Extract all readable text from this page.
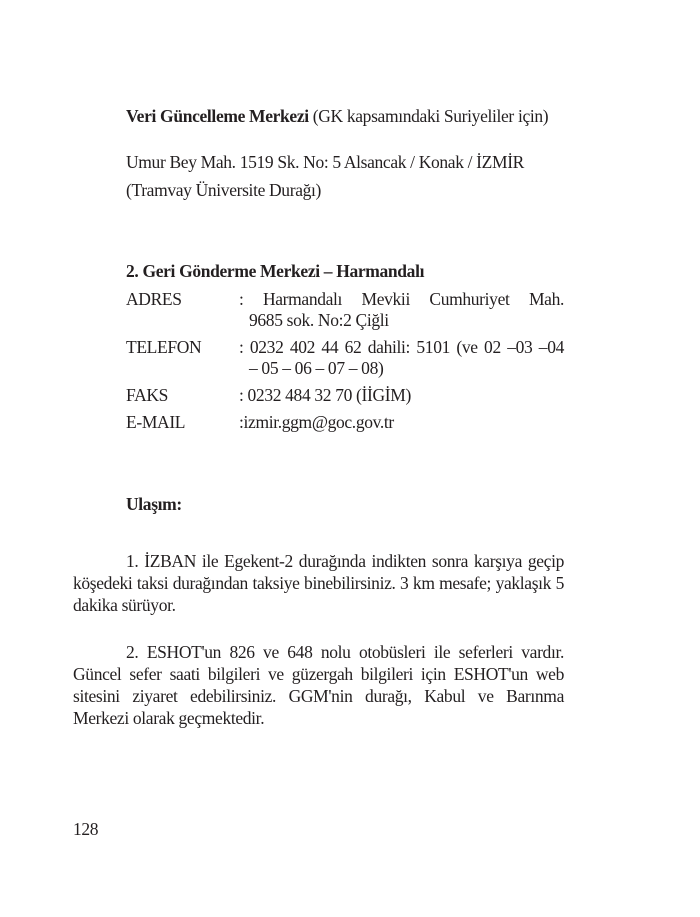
Veri Güncelleme Merkezi (GK kapsamındaki Suriyeliler için)
Umur Bey Mah. 1519 Sk. No: 5 Alsancak / Konak / İZMİR
(Tramvay Üniversite Durağı)
2. Geri Gönderme Merkezi – Harmandalı
ADRES	: Harmandalı Mevkii Cumhuriyet Mah.
9685 sok. No:2 Çiğli
TELEFON : 0232 402 44 62 dahili: 5101 (ve 02 –03 –04
– 05 – 06 – 07 – 08)
FAKS	: 0232 484 32 70 (İİGİM)
E-MAIL	:izmir.ggm@goc.gov.tr
Ulaşım:
1. İZBAN ile Egekent-2 durağında indikten sonra karşıya geçip köşedeki taksi durağından taksiye binebilirsiniz. 3 km mesafe; yaklaşık 5 dakika sürüyor.
2. ESHOT'un 826 ve 648 nolu otobüsleri ile seferleri vardır. Güncel sefer saati bilgileri ve güzergah bilgileri için ESHOT'un web sitesini ziyaret edebilirsiniz. GGM'nin durağı, Kabul ve Barınma Merkezi olarak geçmektedir.
128
